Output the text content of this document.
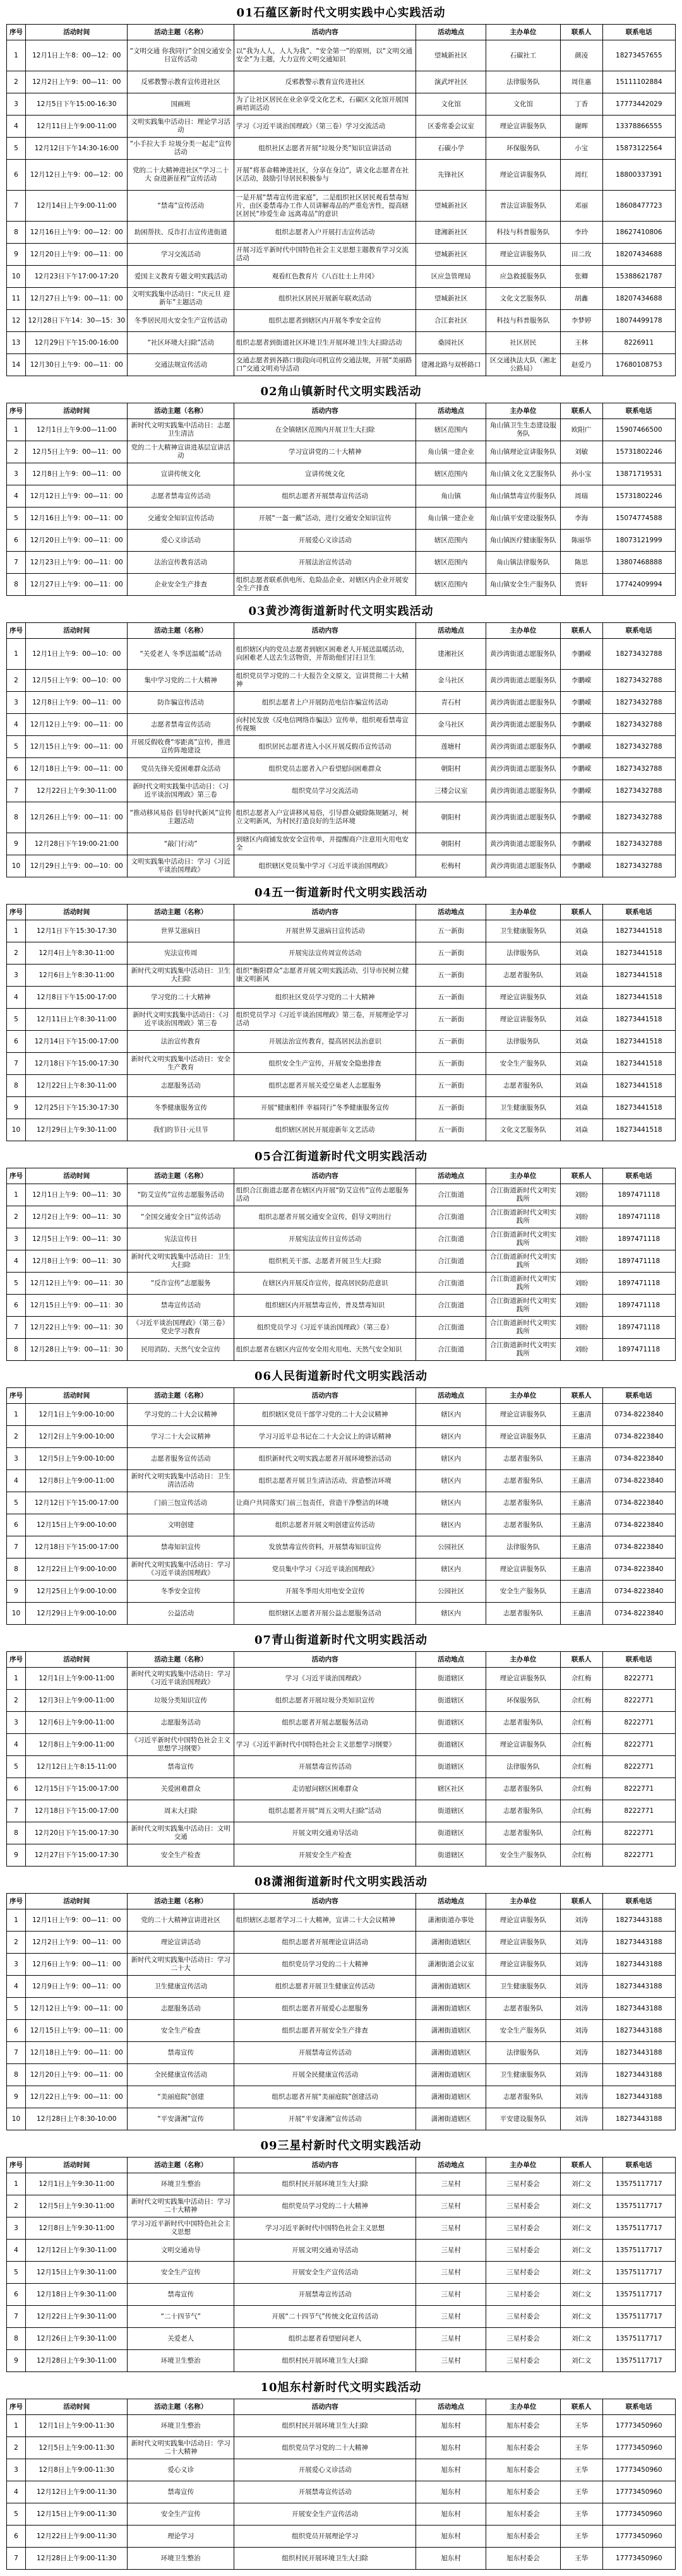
01石蕴区新时代文明实践中心实践活动
序号	活动时间	活动主题（名称）	活动内容	活动地点	主办单位	联系人	联系电话
1	12月1日上午8：00—12：00	“文明交通 你我同行”全国交通安全日宣传活动	以“我为人人，人人为我”、“安全第一”的原则，以“文明交通安全”为主题，大力宣传文明交通知识	望城新社区	石碳社工	颜凌	18273457655
2	12月2日上午9：00—11：00	反邪教警示教育宣传进社区	反邪教警示教育宣传进社区	演武坪社区	法律服务队	周佳惠	15111102884
3	12月5日下午15:00-16:30	国画班	为了让社区居民在业余享受文化艺术，石碳区文化馆开展国画培训活动	文化馆	文化馆	丁香	17773442029
4	12月11日上午9:00-11:00	文明实践集中活动日：理论学习活动	学习《习近平谈治国理政》（第三卷）学习交流活动	区委常委会议室	理论宣讲服务队	谢晖	13378866555
5	12月12日下午14:30-16:00	“小手拉大手 垃圾分类一起走”宣传活动	组织社区志愿者开展“垃圾分类”知识宣讲活动	石碳小学	环保服务队	小宝	15873122564
6	12月12日上午9：00—12：00	党的二十大精神进社区“学习二十大 奋进新征程”宣传活动	开展“将革命精神进社区，分享在身边”，请文化志愿者在社区活动，鼓励引导居民积极参与	先锋社区	理论宣讲服务队	周红	18800337391
7	12月14日上午9:00-11:00	“禁毒”宣传活动	一是开展“禁毒宣传进家庭”，二是组织社区居民观看禁毒短片，由区委禁毒办工作人员讲解毒品的严重危害性，提高辖区居民“珍爱生命 远离毒品”的意识	望城新社区	普法宣讲服务队	邓丽	18608477723
8	12月16日上午9：00—12：00	助困帮扶、反诈打击宣传进街道	组织志愿者入户开展打击宣传活动	建湘新社区	科技与科普服务队	李玲	18627410806
9	12月20日上午9：00—11：00	学习交流活动	开展习近平新时代中国特色社会主义思想主题教育学习交流活动	望城新社区	理论宣讲服务队	田二玫	18207434688
10	12月23日下午17:00-17:20	爱国主义教育专题文明实践活动	观看红色教育片《八百壮士上井冈》	区应急管理局	应急救援服务队	张卿	15388621787
11	12月27日上午9：00—11：00	文明实践集中活动日：“庆元旦 迎新年”主题活动	组织社区居民开展新年联欢活动	望城新社区	文化文艺服务队	胡鑫	18207434688
12	12月28日下午14：30—15：30	冬季居民用火安全生产宣传活动	组织志愿者到辖区内开展冬季安全宣传	合江套社区	科技与科普服务队	李梦婷	18074499178
13	12月29日下午15:00-16:00	“社区环境大扫除”活动	组织志愿者到街道社区环境卫生开展环境卫生大扫除活动	桑园社区	社区居民	王林	8226911
14	12月30日上午9：00—11：00	交通法规宣传活动	交通志愿者到各路口街段向司机宣传交通法规，开展“美丽路口”交通文明劝导活动	建湘北路与双桥路口	区交通执法大队（湘北公路局）	赵爱乃	17680108753
02角山镇新时代文明实践活动
序号	活动时间	活动主题（名称）	活动内容	活动地点	主办单位	联系人	联系电话
1	12月1日上午9:00—11:00	新时代文明实践集中活动日：志愿卫生清洁	在全镇辖区范围内开展卫生大扫除	辖区范围内	角山镇卫生生态建设服务队	欧阳广	15907466500
2	12月5日上午9：00—11：00	党的二十大精神宣讲进基层宣讲活动	学习宣讲党的二十大精神	角山镇一建企业	角山镇理论宣讲服务队	刘敏	15731802246
3	12月8日上午9：00—11：00	宣讲传统文化	宣讲传统文化	辖区范围内	角山镇文化文艺服务队	孙小宝	13871719531
4	12月12日上午9：00—11：00	志愿者禁毒宣传活动	组织志愿者开展禁毒宣传活动	角山镇	角山镇禁毒宣传服务队	周瑞	15731802246
5	12月16日上午9：00—11：00	交通安全知识宣传活动	开展“一盔一戴”活动，进行交通安全知识宣传	角山镇一建企业	角山镇平安建设服务队	李海	15074774588
6	12月20日上午9：00—11：00	爱心义诊活动	开展爱心义诊活动	辖区范围内	角山镇医疗健康服务队	陈丽华	18073121999
7	12月23日上午9：00—11：00	法治宣传教育活动	开展法治宣传活动	辖区范围内	角山镇法律服务队	陈思	13807468888
8	12月27日上午9：00—11：00	企业安全生产排查	组织志愿者联系供电所、危险品企业、对辖区内企业开展安全生产排查	辖区范围内	角山镇安全生产服务队	贾轩	17742409994
03黄沙湾街道新时代文明实践活动
序号	活动时间	活动主题（名称）	活动内容	活动地点	主办单位	联系人	联系电话
1	12月1日上午9：00—10：00	“关爱老人 冬季送温暖”活动	组织辖区内的党员志愿者到辖区困难老人开展送温暖活动，向困难老人送去生活物资，并帮助他们打扫卫生	建湘社区	黄沙湾街道志愿服务队	李鹏嵘	18273432788
2	12月5日上午9：00—10：00	集中学习党的二十大精神	组织党员学习党的二十大报告全文原文，宣讲贯彻二十大精神	金马社区	黄沙湾街道志愿服务队	李鹏嵘	18273432788
3	12月8日上午9：00—11：00	防诈骗宣传活动	组织志愿者上户开展防范电信诈骗宣传活动	青石村	黄沙湾街道志愿服务队	李鹏嵘	18273432788
4	12月12日上午9：00—11：00	志愿者禁毒宣传活动	向村民发放《反电信网络诈骗法》宣传单，组织观看禁毒宣传视频	金马社区	黄沙湾街道志愿服务队	李鹏嵘	18273432788
5	12月15日上午9：00—11：00	开展反假收费“零距离”宣传，推进宣传阵地建设	组织居民志愿者进入小区开展反假币宣传活动	莲塘村	黄沙湾街道志愿服务队	李鹏嵘	18273432788
6	12月18日上午9：00—11：00	党员先锋关爱困难群众活动	组织党员志愿者入户看望慰问困难群众	朝阳村	黄沙湾街道志愿服务队	李鹏嵘	18273432788
7	12月22日上午9:30-11:00	新时代文明实践集中活动日：《习近平谈治国理政》第三卷	组织党员学习交流活动	三楼会议室	黄沙湾街道志愿服务队	李鹏嵘	18273432788
8	12月26日上午9：00—11：00	“推动移风易俗 倡导时代新风”宣传主题活动	组织志愿者入户宣讲移风易俗，引导群众破除陈规陋习，树立文明新风，为村民打造良好的生活环境	朝阳村	黄沙湾街道志愿服务队	李鹏嵘	18273432788
9	12月28日下午19:00-21:00	“敲门行动”	到辖区内商铺发放安全宣传单，并提醒商户注意用火用电安全	朝阳村	黄沙湾街道志愿服务队	李鹏嵘	18273432788
10	12月29日上午9：00—10：00	文明实践集中活动日：学习《习近平谈治国理政》	组织辖区党员集中学习《习近平谈治国理政》	松梅村	黄沙湾街道志愿服务队	李鹏嵘	18273432788
04五一街道新时代文明实践活动
序号	活动时间	活动主题（名称）	活动内容	活动地点	主办单位	联系人	联系电话
1	12月1日下午15:30-17:30	世界艾滋病日	开展世界艾滋病日宣传活动	五一新街	卫生健康服务队	刘焱	18273441518
2	12月4日上午8:30-11:00	宪法宣传周	开展宪法宣传周宣传活动	五一新街	法律服务队	刘焱	18273441518
3	12月6日上午8:30-11:00	新时代文明实践集中活动日：卫生大扫除	组织“衡阳群众”志愿者开展文明实践活动，引导市民树立健康文明新风	五一新街	志愿者服务队	刘焱	18273441518
4	12月8日下午15:00-17:00	学习党的二十大精神	组织社区党员学习党的二十大精神	五一新街	理论宣讲服务队	刘焱	18273441518
5	12月11日上午8:30-11:00	新时代文明实践集中活动日：《习近平谈治国理政》第三卷	组织党员学习《习近平谈治国理政》第三卷，开展理论学习活动	五一新街	理论宣讲服务队	刘焱	18273441518
6	12月14日下午15:00-17:00	法治宣传教育	开展法治宣传教育，提高居民法治意识	五一新街	法律服务队	刘焱	18273441518
7	12月18日下午15:00-17:30	新时代文明实践集中活动日：安全生产教育	组织安全生产宣传，开展安全隐患排查	五一新街	安全生产服务队	刘焱	18273441518
8	12月22日上午8:30-11:00	志愿服务活动	组织志愿者开展关爱空巢老人志愿服务	五一新街	志愿者服务队	刘焱	18273441518
9	12月25日下午15:30-17:30	冬季健康服务宣传	开展“健康相伴 幸福同行”冬季健康服务宣传	五一新街	卫生健康服务队	刘焱	18273441518
10	12月29日上午9:30-11:00	我们的节日·元旦节	组织辖区居民开展迎新年文艺活动	五一新街	文化文艺服务队	刘焱	18273441518
05合江街道新时代文明实践活动
序号	活动时间	活动主题（名称）	活动内容	活动地点	主办单位	联系人	联系电话
1	12月1日上午9：00—11：30	“防艾宣传”宣传志愿服务活动	组织合江街道志愿者在辖区内开展“防艾宣传”宣传志愿服务活动	合江街道	合江街道新时代文明实践所	刘盼	1897471118
2	12月2日上午9：00—11：30	“全国交通安全日”宣传活动	组织志愿者开展交通安全宣传，倡导文明出行	合江街道	合江街道新时代文明实践所	刘盼	1897471118
3	12月5日上午9：00—11：30	宪法宣传日	开展宪法宣传日宣传活动	合江街道	合江街道新时代文明实践所	刘盼	1897471118
4	12月8日上午9：00—11：30	新时代文明实践集中活动日：卫生大扫除	组织机关干部、志愿者开展卫生大扫除	合江街道	合江街道新时代文明实践所	刘盼	1897471118
5	12月12日上午9：00—11：30	“反诈宣传”志愿服务	在辖区内开展反诈宣传，提高居民防范意识	合江街道	合江街道新时代文明实践所	刘盼	1897471118
6	12月15日上午9：00—11：30	禁毒宣传活动	组织辖区内开展禁毒宣传，普及禁毒知识	合江街道	合江街道新时代文明实践所	刘盼	1897471118
7	12月22日上午9：00—11：30	《习近平谈治国理政》（第三卷）党史学习教育	组织党员学习《习近平谈治国理政》（第三卷）	合江街道	合江街道新时代文明实践所	刘盼	1897471118
8	12月28日上午9：00—11：30	民用消防、天然气安全宣传	组织志愿者在辖区内宣传安全用火用电、天然气安全知识	合江街道	合江街道新时代文明实践所	刘盼	1897471118
06人民街道新时代文明实践活动
序号	活动时间	活动主题（名称）	活动内容	活动地点	主办单位	联系人	联系电话
1	12月1日上午9:00-10:00	学习党的二十大会议精神	组织辖区党员干部学习党的二十大会议精神	辖区内	理论宣讲服务队	王惠清	0734-8223840
2	12月2日上午9:00-10:00	学习二十大会议精神	学习习近平总书记在二十大会议上的讲话精神	辖区内	理论宣讲服务队	王惠清	0734-8223840
3	12月5日上午9:00-10:00	志愿者服务宣传活动	组织新时代文明实践志愿者开展环境整治活动	辖区内	志愿者服务队	王惠清	0734-8223840
4	12月8日上午9:00-11:00	新时代文明实践集中活动日：卫生清洁活动	组织志愿者开展卫生清洁活动，营造整洁环境	辖区内	志愿者服务队	王惠清	0734-8223840
5	12月12日下午15:00-17:00	门前三包宣传活动	让商户共同落实门前三包责任，营造干净整洁的环境	辖区内	志愿者服务队	王惠清	0734-8223840
6	12月15日上午9:00-10:00	文明创建	组织志愿者开展文明创建宣传活动	辖区内	志愿者服务队	王惠清	0734-8223840
7	12月18日下午15:00-17:00	禁毒知识宣传	发放禁毒宣传资料，开展禁毒知识宣传	公园社区	法律服务队	王惠清	0734-8223840
8	12月22日上午9:00-10:00	新时代文明实践集中活动日：学习《习近平谈治国理政》	党员集中学习《习近平谈治国理政》	辖区内	理论宣讲服务队	王惠清	0734-8223840
9	12月25日上午9:00-10:00	冬季安全宣传	开展冬季用火用电安全宣传	公园社区	安全生产服务队	王惠清	0734-8223840
10	12月29日上午9:00-10:00	公益活动	组织辖区志愿者开展公益志愿服务活动	辖区内	志愿者服务队	王惠清	0734-8223840
07青山街道新时代文明实践活动
序号	活动时间	活动主题（名称）	活动内容	活动地点	主办单位	联系人	联系电话
1	12月1日上午9:00-11:00	新时代文明实践集中活动日：学习《习近平谈治国理政》	学习《习近平谈治国理政》	街道辖区	理论宣讲服务队	佘红梅	8222771
2	12月3日上午9:00-11:00	垃圾分类知识宣传	组织志愿者开展垃圾分类知识宣传	街道辖区	环保服务队	佘红梅	8222771
3	12月6日上午9:00-11:00	志愿服务活动	组织志愿者开展志愿服务活动	街道辖区	志愿者服务队	佘红梅	8222771
4	12月8日上午9:00-11:00	《习近平新时代中国特色社会主义思想学习纲要》	学习《习近平新时代中国特色社会主义思想学习纲要》	街道辖区	理论宣讲服务队	佘红梅	8222771
5	12月12日上午8:15-11:00	禁毒宣传	开展禁毒宣传活动	街道辖区	法律服务队	佘红梅	8222771
6	12月15日下午15:00-17:00	关爱困难群众	走访慰问辖区困难群众	辖区社区	志愿者服务队	佘红梅	8222771
7	12月18日下午15:00-17:00	周末大扫除	组织志愿者开展“周五文明大扫除”活动	街道辖区	志愿者服务队	佘红梅	8222771
8	12月20日下午15:00-17:30	新时代文明实践集中活动日：文明交通	开展文明交通劝导活动	街道辖区	志愿者服务队	佘红梅	8222771
9	12月27日下午15:00-17:30	安全生产检查	开展安全生产检查	街道辖区	安全生产服务队	佘红梅	8222771
08潇湘街道新时代文明实践活动
序号	活动时间	活动主题（名称）	活动内容	活动地点	主办单位	联系人	联系电话
1	12月1日上午9：00—11：00	党的二十大精神宣讲进社区	组织辖区志愿者学习二十大精神，宣讲二十大会议精神	潇湘街道办事处	理论宣讲服务队	刘涛	18273443188
2	12月2日上午9：00—11：00	理论宣讲活动	组织志愿者开展理论宣讲活动	潇湘街道辖区	理论宣讲服务队	刘涛	18273443188
3	12月6日上午9：00—11：00	新时代文明实践集中活动日：学习二十大	组织党员学习党的二十大精神	潇湘街道会议室	理论宣讲服务队	刘涛	18273443188
4	12月9日上午9：00—11：00	卫生健康宣传活动	组织志愿者开展卫生健康宣传活动	潇湘街道辖区	卫生健康服务队	刘涛	18273443188
5	12月12日上午9：00—11：00	志愿服务活动	组织志愿者开展爱心志愿服务	潇湘街道辖区	志愿者服务队	刘涛	18273443188
6	12月15日上午9：00—11：00	安全生产检查	组织志愿者开展安全生产排查	潇湘街道辖区	安全生产服务队	刘涛	18273443188
7	12月18日上午9：00—11：00	禁毒宣传	开展禁毒宣传活动	潇湘街道辖区	法律服务队	刘涛	18273443188
8	12月20日上午9：00—11：00	全民健康宣传活动	开展全民健康宣传活动	潇湘街道辖区	卫生健康服务队	刘涛	18273443188
9	12月22日上午9：00—11：00	“美丽庭院”创建	组织志愿者开展“美丽庭院”创建活动	潇湘街道辖区	志愿者服务队	刘涛	18273443188
10	12月28日上午8:30-10:00	“平安潇湘”宣传	开展“平安潇湘”宣传活动	潇湘街道辖区	平安建设服务队	刘涛	18273443188
09三星村新时代文明实践活动
序号	活动时间	活动主题（名称）	活动内容	活动地点	主办单位	联系人	联系电话
1	12月1日上午9:30-11:00	环境卫生整治	组织村民开展环境卫生大扫除	三星村	三星村委会	刘仁文	13575117717
2	12月5日上午9:30-11:00	新时代文明实践集中活动日：学习二十大精神	组织党员学习党的二十大精神	三星村	三星村委会	刘仁文	13575117717
3	12月8日上午9:30-11:00	学习习近平新时代中国特色社会主义思想	学习习近平新时代中国特色社会主义思想	三星村	三星村委会	刘仁文	13575117717
4	12月12日上午9:30-11:00	文明交通劝导	开展文明交通劝导活动	三星村	三星村委会	刘仁文	13575117717
5	12月15日上午9:30-11:00	安全生产宣传	开展安全生产宣传活动	三星村	三星村委会	刘仁文	13575117717
6	12月18日上午9:30-11:00	禁毒宣传	开展禁毒宣传活动	三星村	三星村委会	刘仁文	13575117717
7	12月22日上午9:30-11:00	“二十四节气”	开展“二十四节气”传统文化宣传活动	三星村	三星村委会	刘仁文	13575117717
8	12月26日上午9:30-11:00	关爱老人	组织志愿者看望慰问老人	三星村	三星村委会	刘仁文	13575117717
9	12月28日上午9:30-11:00	环境卫生整治	组织村民开展环境卫生大扫除	三星村	三星村委会	刘仁文	13575117717
10旭东村新时代文明实践活动
序号	活动时间	活动主题（名称）	活动内容	活动地点	主办单位	联系人	联系电话
1	12月1日上午9:00-11:30	环境卫生整治	组织村民开展环境卫生大扫除	旭东村	旭东村委会	王华	17773450960
2	12月5日上午9:00-11:30	新时代文明实践集中活动日：学习二十大精神	组织党员学习党的二十大精神	旭东村	旭东村委会	王华	17773450960
3	12月8日上午9:00-11:30	爱心义诊	开展爱心义诊活动	旭东村	旭东村委会	王华	17773450960
4	12月12日上午9:00-11:30	禁毒宣传	开展禁毒宣传活动	旭东村	旭东村委会	王华	17773450960
5	12月15日上午9:00-11:30	安全生产宣传	开展安全生产宣传活动	旭东村	旭东村委会	王华	17773450960
6	12月22日上午9:00-11:30	理论学习	组织党员开展理论学习	旭东村	旭东村委会	王华	17773450960
7	12月28日上午9:00-11:30	环境卫生整治	组织村民开展环境卫生大扫除	旭东村	旭东村委会	王华	17773450960
